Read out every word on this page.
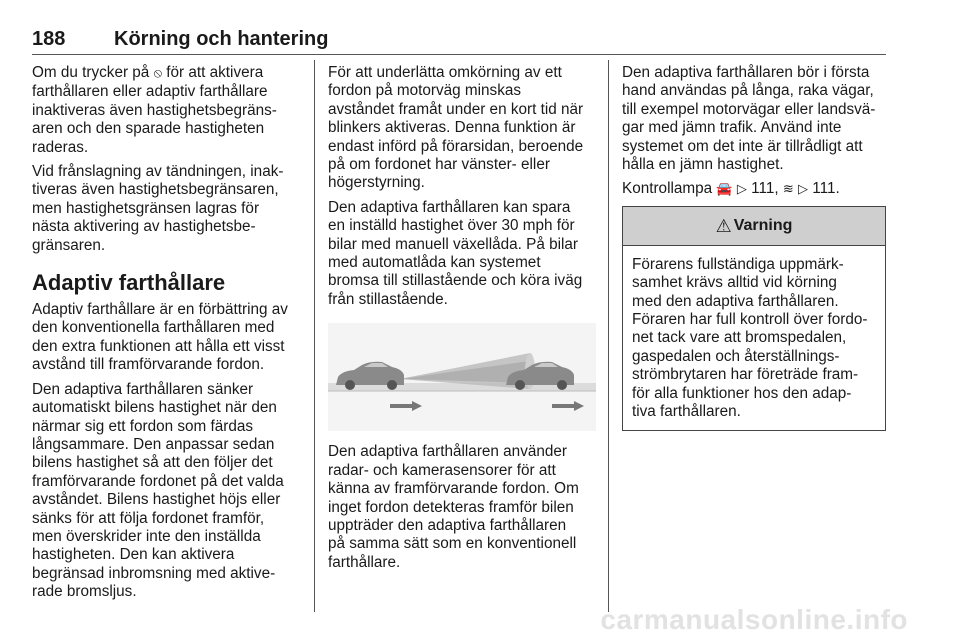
188 Körning och hantering

Om du trycker på ⦸ för att aktivera
farthållaren eller adaptiv farthållare
inaktiveras även hastighetsbegräns-
aren och den sparade hastigheten
raderas.

Vid frånslagning av tändningen, inak-
tiveras även hastighetsbegränsaren,
men hastighetsgränsen lagras för
nästa aktivering av hastighetsbe-
gränsaren.

Adaptiv farthållare

Adaptiv farthållare är en förbättring av
den konventionella farthållaren med
den extra funktionen att hålla ett visst
avstånd till framförvarande fordon.

Den adaptiva farthållaren sänker
automatiskt bilens hastighet när den
närmar sig ett fordon som färdas
långsammare. Den anpassar sedan
bilens hastighet så att den följer det
framförvarande fordonet på det valda
avståndet. Bilens hastighet höjs eller
sänks för att följa fordonet framför,
men överskrider inte den inställda
hastigheten. Den kan aktivera
begränsad inbromsning med aktive-
rade bromsljus.

För att underlätta omkörning av ett
fordon på motorväg minskas
avståndet framåt under en kort tid när
blinkers aktiveras. Denna funktion är
endast införd på förarsidan, beroende
på om fordonet har vänster- eller
högerstyrning.

Den adaptiva farthållaren kan spara
en inställd hastighet över 30 mph för
bilar med manuell växellåda. På bilar
med automatlåda kan systemet
bromsa till stillastående och köra iväg
från stillastående.

Den adaptiva farthållaren använder
radar- och kamerasensorer för att
känna av framförvarande fordon. Om
inget fordon detekteras framför bilen
uppträder den adaptiva farthållaren
på samma sätt som en konventionell
farthållare.

Den adaptiva farthållaren bör i första
hand användas på långa, raka vägar,
till exempel motorvägar eller landsvä-
gar med jämn trafik. Använd inte
systemet om det inte är tillrådligt att
hålla en jämn hastighet.

Kontrollampa 🚘 ▷ 111, ≋ ▷ 111.

⚠ Varning
Förarens fullständiga uppmärk-
samhet krävs alltid vid körning
med den adaptiva farthållaren.
Föraren har full kontroll över fordo-
net tack vare att bromspedalen,
gaspedalen och återställnings-
strömbrytaren har företräde fram-
för alla funktioner hos den adap-
tiva farthållaren.
carmanualsonline.info
